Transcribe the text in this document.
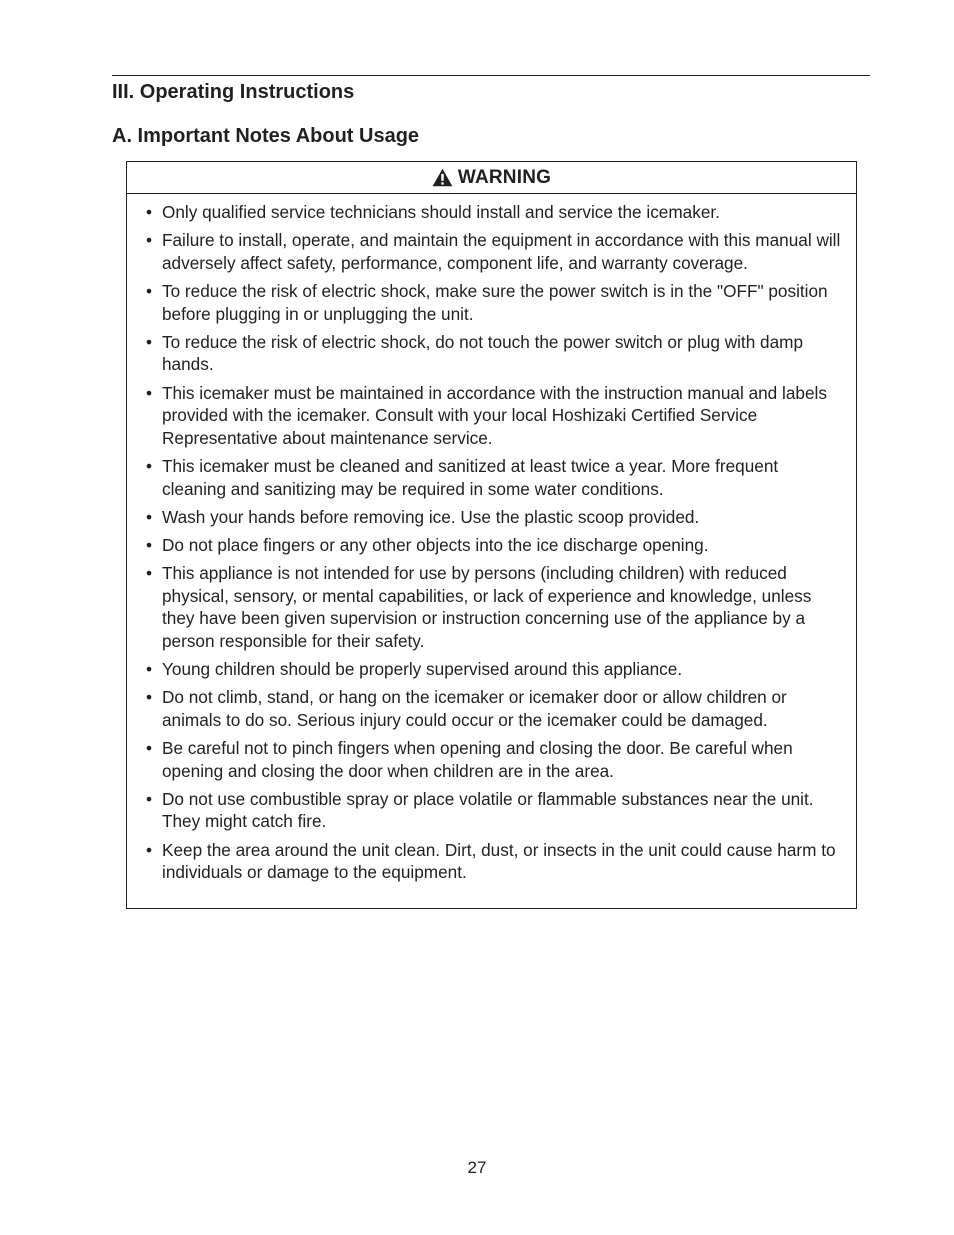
III. Operating Instructions
A. Important Notes About Usage
WARNING
• Only qualified service technicians should install and service the icemaker.
• Failure to install, operate, and maintain the equipment in accordance with this manual will adversely affect safety, performance, component life, and warranty coverage.
• To reduce the risk of electric shock, make sure the power switch is in the "OFF" position before plugging in or unplugging the unit.
• To reduce the risk of electric shock, do not touch the power switch or plug with damp hands.
• This icemaker must be maintained in accordance with the instruction manual and labels provided with the icemaker. Consult with your local Hoshizaki Certified Service Representative about maintenance service.
• This icemaker must be cleaned and sanitized at least twice a year. More frequent cleaning and sanitizing may be required in some water conditions.
• Wash your hands before removing ice. Use the plastic scoop provided.
• Do not place fingers or any other objects into the ice discharge opening.
• This appliance is not intended for use by persons (including children) with reduced physical, sensory, or mental capabilities, or lack of experience and knowledge, unless they have been given supervision or instruction concerning use of the appliance by a person responsible for their safety.
• Young children should be properly supervised around this appliance.
• Do not climb, stand, or hang on the icemaker or icemaker door or allow children or animals to do so. Serious injury could occur or the icemaker could be damaged.
• Be careful not to pinch fingers when opening and closing the door. Be careful when opening and closing the door when children are in the area.
• Do not use combustible spray or place volatile or flammable substances near the unit. They might catch fire.
• Keep the area around the unit clean. Dirt, dust, or insects in the unit could cause harm to individuals or damage to the equipment.
27
